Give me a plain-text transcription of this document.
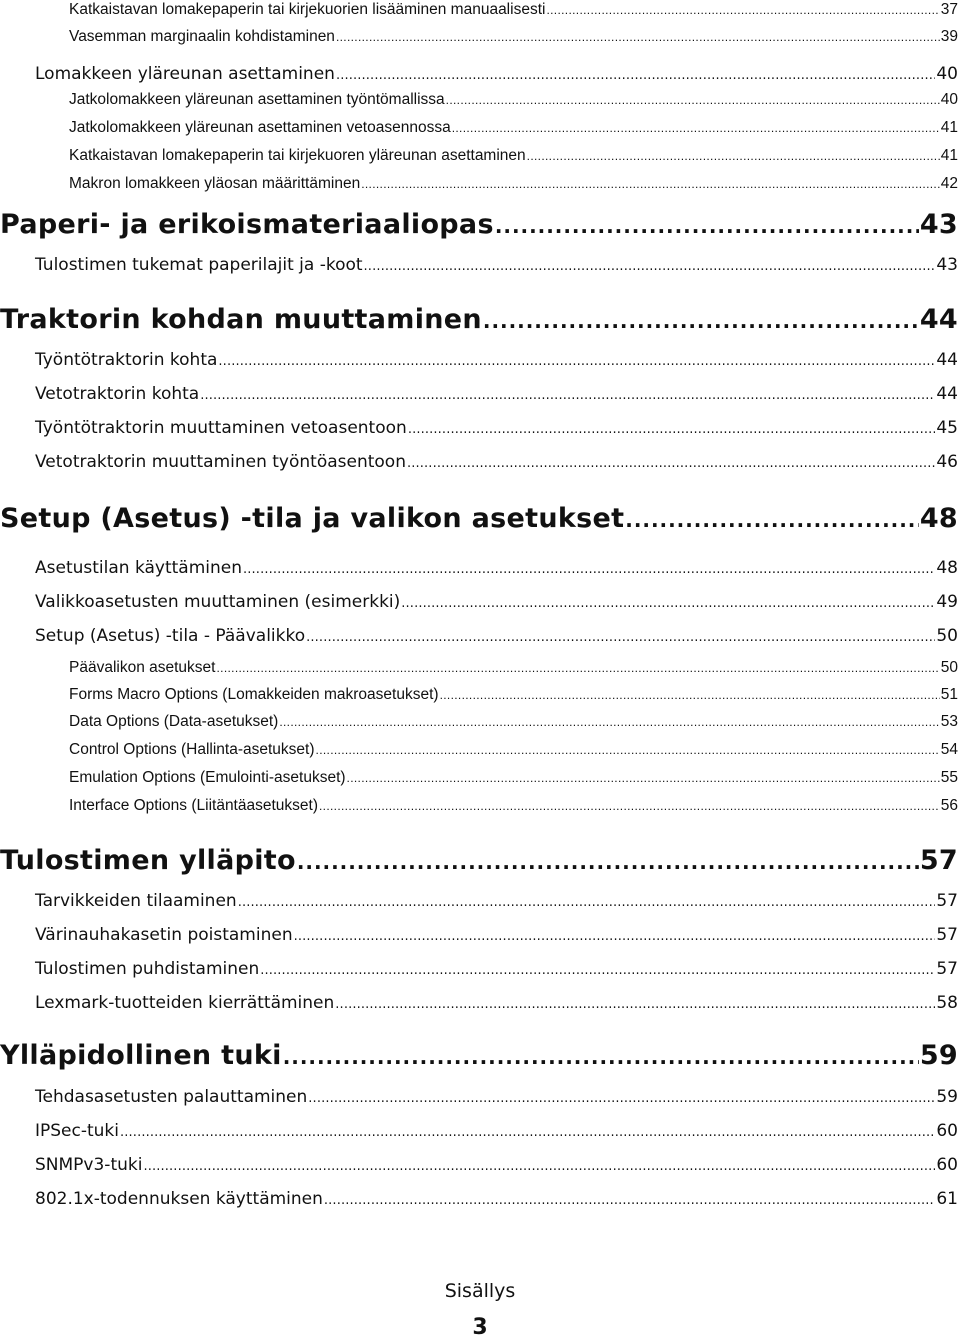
Katkaistavan lomakepaperin tai kirjekuorien lisääminen manuaalisesti . . .	37
Vasemman marginaalin kohdistaminen . . .	39
Lomakkeen yläreunan asettaminen . . .	40
Jatkolomakkeen yläreunan asettaminen työntömallissa . . .	40
Jatkolomakkeen yläreunan asettaminen vetoasennossa . . .	41
Katkaistavan lomakepaperin tai kirjekuoren yläreunan asettaminen . . .	41
Makron lomakkeen yläosan määrittäminen . . .	42
Paperi- ja erikoismateriaaliopas . . .	43
Tulostimen tukemat paperilajit ja -koot . . .	43
Traktorin kohdan muuttaminen . . .	44
Työntötraktorin kohta . . .	44
Vetotraktorin kohta . . .	44
Työntötraktorin muuttaminen vetoasentoon . . .	45
Vetotraktorin muuttaminen työntöasentoon . . .	46
Setup (Asetus) -tila ja valikon asetukset . . .	48
Asetustilan käyttäminen . . .	48
Valikkoasetusten muuttaminen (esimerkki) . . .	49
Setup (Asetus) -tila - Päävalikko . . .	50
Päävalikon asetukset . . .	50
Forms Macro Options (Lomakkeiden makroasetukset) . . .	51
Data Options (Data-asetukset) . . .	53
Control Options (Hallinta-asetukset) . . .	54
Emulation Options (Emulointi-asetukset) . . .	55
Interface Options (Liitäntäasetukset) . . .	56
Tulostimen ylläpito . . .	57
Tarvikkeiden tilaaminen . . .	57
Värinauhakasetin poistaminen . . .	57
Tulostimen puhdistaminen . . .	57
Lexmark-tuotteiden kierrättäminen . . .	58
Ylläpidollinen tuki . . .	59
Tehdasasetusten palauttaminen . . .	59
IPSec-tuki . . .	60
SNMPv3-tuki . . .	60
802.1x-todennuksen käyttäminen . . .	61
Sisällys
3
